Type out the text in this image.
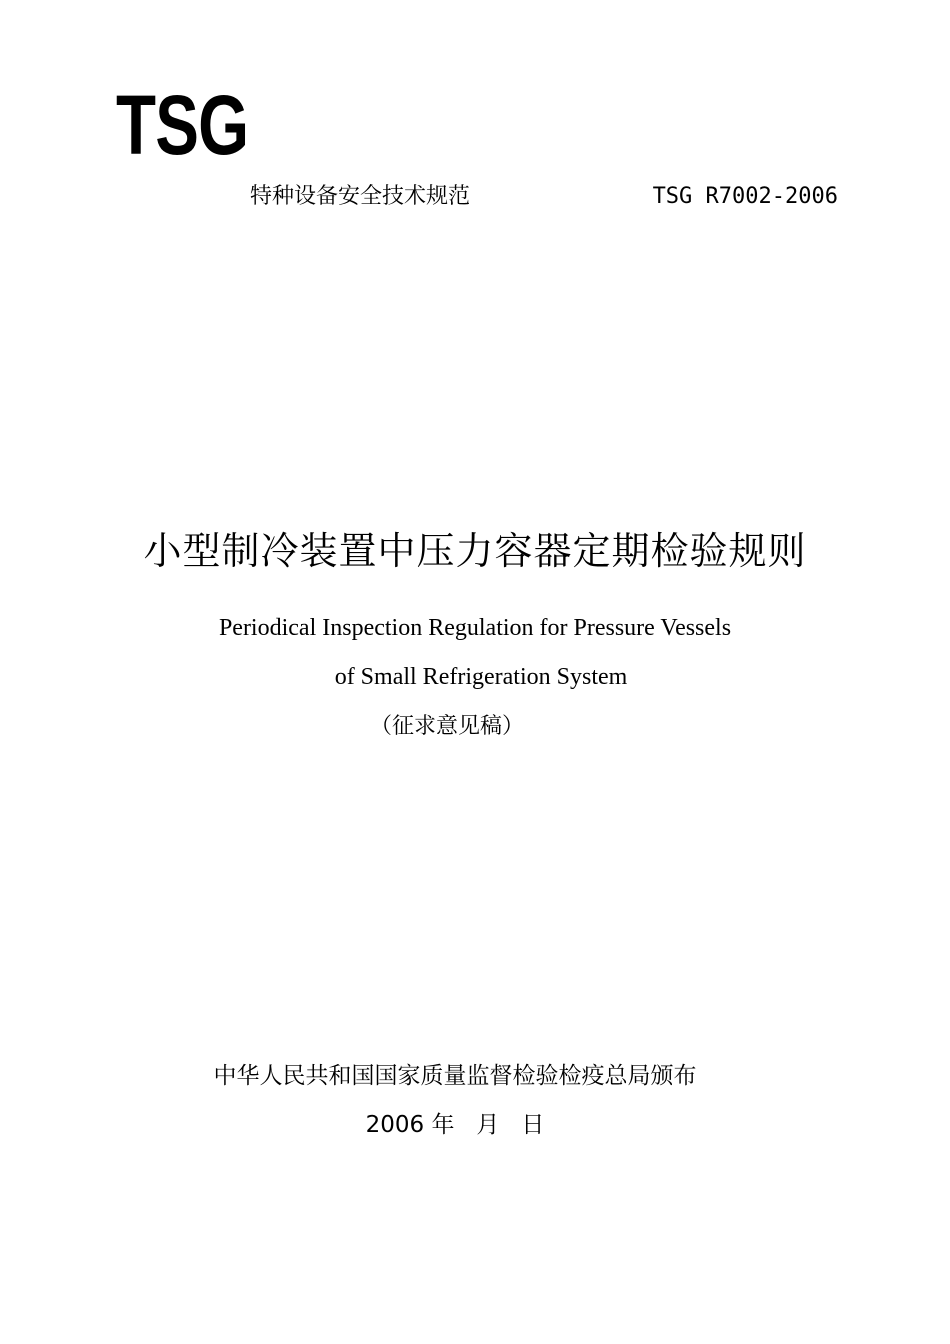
TSG
特种设备安全技术规范	TSG R7002-2006
小型制冷装置中压力容器定期检验规则
Periodical Inspection Regulation for Pressure Vessels
of Small Refrigeration System
（征求意见稿）
中华人民共和国国家质量监督检验检疫总局颁布
2006 年   月   日
